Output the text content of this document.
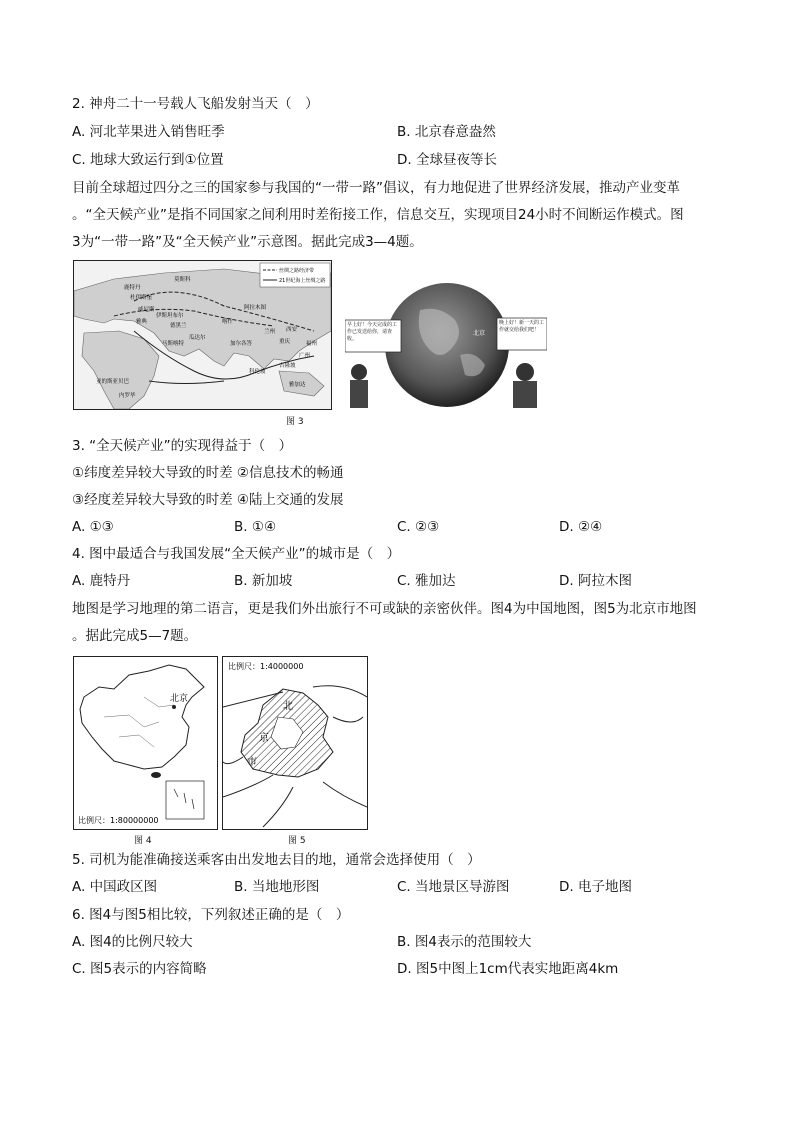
2. 神舟二十一号载人飞船发射当天（　）
A. 河北苹果进入销售旺季	B. 北京春意盎然
C. 地球大致运行到①位置	D. 全球昼夜等长
目前全球超过四分之三的国家参与我国的“一带一路”倡议，有力地促进了世界经济发展，推动产业变革
。“全天候产业”是指不同国家之间利用时差衔接工作，信息交互，实现项目24小时不间断运作模式。图
3为“一带一路”及“全天候产业”示意图。据此完成3—4题。
丝绸之路经济带
21世纪海上丝绸之路
莫斯科
鹿特丹
杜伊斯堡
威尼斯
伊斯坦布尔
德黑兰
阿拉木图
兰州 西安
福州
加尔各答
科伦坡
吉隆坡
雅加达
内罗毕
雅典
广州
瓜达尔
马斯喀特
喀什
重庆
亚的斯亚贝巴
北京
早上好！今天完成的工作已发送给你，请查收。
晚上好！新一天的工作就交给我们吧！
图 3
3. “全天候产业”的实现得益于（　）
①纬度差异较大导致的时差 ②信息技术的畅通
③经度差异较大导致的时差 ④陆上交通的发展
A. ①③	B. ①④	C. ②③	D. ②④
4. 图中最适合与我国发展“全天候产业”的城市是（　）
A. 鹿特丹	B. 新加坡	C. 雅加达	D. 阿拉木图
地图是学习地理的第二语言，更是我们外出旅行不可或缺的亲密伙伴。图4为中国地图，图5为北京市地图
。据此完成5—7题。
北京
比例尺：1:80000000
图 4
北
京
市
比例尺：1:4000000
图 5
5. 司机为能准确接送乘客由出发地去目的地，通常会选择使用（　）
A. 中国政区图	B. 当地地形图	C. 当地景区导游图	D. 电子地图
6. 图4与图5相比较，下列叙述正确的是（　）
A. 图4的比例尺较大	B. 图4表示的范围较大
C. 图5表示的内容简略	D. 图5中图上1cm代表实地距离4km
